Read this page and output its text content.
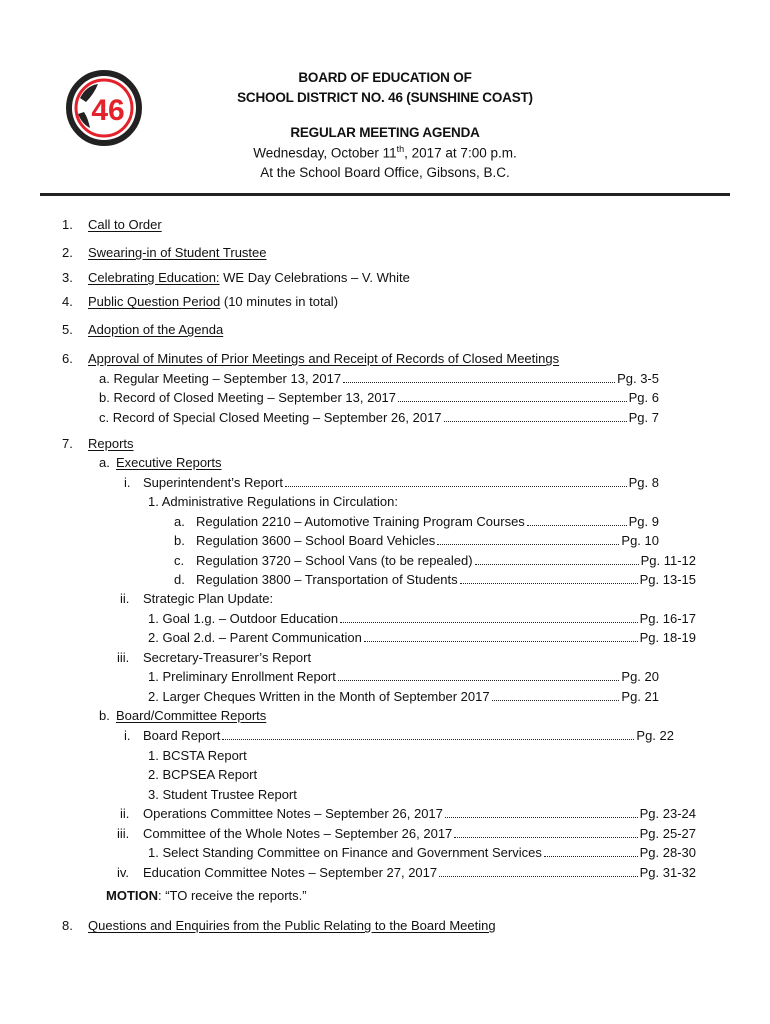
46
BOARD OF EDUCATION OF
SCHOOL DISTRICT NO. 46 (SUNSHINE COAST)
REGULAR MEETING AGENDA
Wednesday, October 11th, 2017 at 7:00 p.m.
At the School Board Office, Gibsons, B.C.
1. Call to Order
2. Swearing-in of Student Trustee
3. Celebrating Education: WE Day Celebrations – V. White
4. Public Question Period (10 minutes in total)
5. Adoption of the Agenda
6. Approval of Minutes of Prior Meetings and Receipt of Records of Closed Meetings
a. Regular Meeting – September 13, 2017	Pg. 3-5
b. Record of Closed Meeting – September 13, 2017	Pg. 6
c. Record of Special Closed Meeting – September 26, 2017	Pg. 7
7. Reports
a. Executive Reports
i. Superintendent’s Report	Pg. 8
1. Administrative Regulations in Circulation:
a. Regulation 2210 – Automotive Training Program Courses	Pg. 9
b. Regulation 3600 – School Board Vehicles	Pg. 10
c. Regulation 3720 – School Vans (to be repealed)	Pg. 11-12
d. Regulation 3800 – Transportation of Students	Pg. 13-15
ii. Strategic Plan Update:
1. Goal 1.g. – Outdoor Education	Pg. 16-17
2. Goal 2.d. – Parent Communication	Pg. 18-19
iii. Secretary-Treasurer’s Report
1. Preliminary Enrollment Report	Pg. 20
2. Larger Cheques Written in the Month of September 2017	Pg. 21
b. Board/Committee Reports
i. Board Report	Pg. 22
1. BCSTA Report
2. BCPSEA Report
3. Student Trustee Report
ii. Operations Committee Notes – September 26, 2017	Pg. 23-24
iii. Committee of the Whole Notes – September 26, 2017	Pg. 25-27
1. Select Standing Committee on Finance and Government Services	Pg. 28-30
iv. Education Committee Notes – September 27, 2017	Pg. 31-32
MOTION: “TO receive the reports.”
8. Questions and Enquiries from the Public Relating to the Board Meeting
